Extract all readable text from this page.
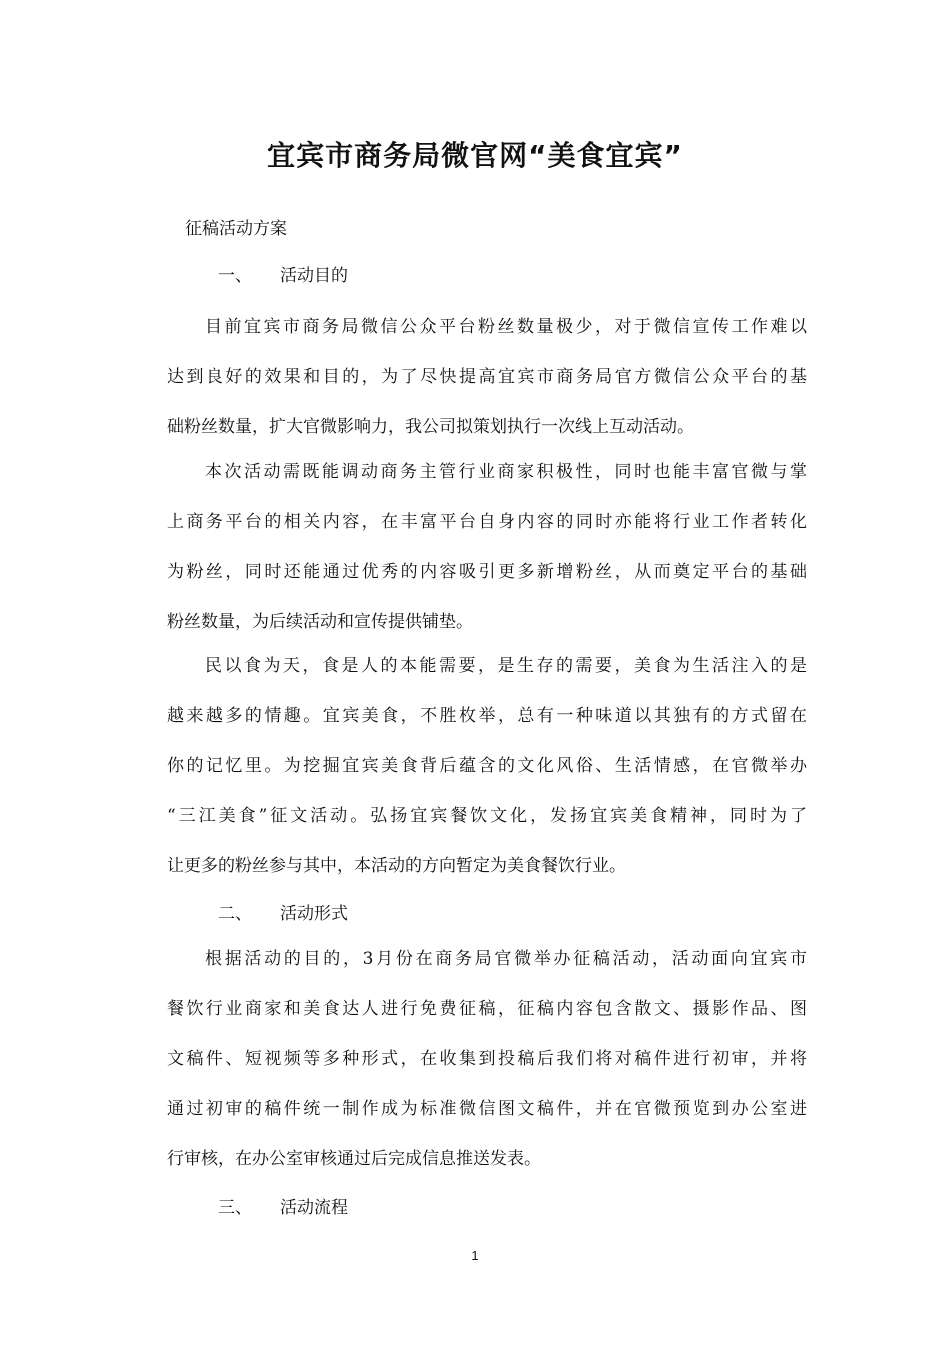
宜宾市商务局微官网“美食宜宾”
征稿活动方案
一、 活动目的
目前宜宾市商务局微信公众平台粉丝数量极少，对于微信宣传工作难以
达到良好的效果和目的，为了尽快提高宜宾市商务局官方微信公众平台的基
础粉丝数量，扩大官微影响力，我公司拟策划执行一次线上互动活动。
本次活动需既能调动商务主管行业商家积极性，同时也能丰富官微与掌
上商务平台的相关内容，在丰富平台自身内容的同时亦能将行业工作者转化
为粉丝，同时还能通过优秀的内容吸引更多新增粉丝，从而奠定平台的基础
粉丝数量，为后续活动和宣传提供铺垫。
民以食为天，食是人的本能需要，是生存的需要，美食为生活注入的是
越来越多的情趣。宜宾美食，不胜枚举，总有一种味道以其独有的方式留在
你的记忆里。为挖掘宜宾美食背后蕴含的文化风俗、生活情感，在官微举办
“三江美食”征文活动。弘扬宜宾餐饮文化，发扬宜宾美食精神，同时为了
让更多的粉丝参与其中，本活动的方向暂定为美食餐饮行业。
二、 活动形式
根据活动的目的，3月份在商务局官微举办征稿活动，活动面向宜宾市
餐饮行业商家和美食达人进行免费征稿，征稿内容包含散文、摄影作品、图
文稿件、短视频等多种形式，在收集到投稿后我们将对稿件进行初审，并将
通过初审的稿件统一制作成为标准微信图文稿件，并在官微预览到办公室进
行审核，在办公室审核通过后完成信息推送发表。
三、 活动流程
1
